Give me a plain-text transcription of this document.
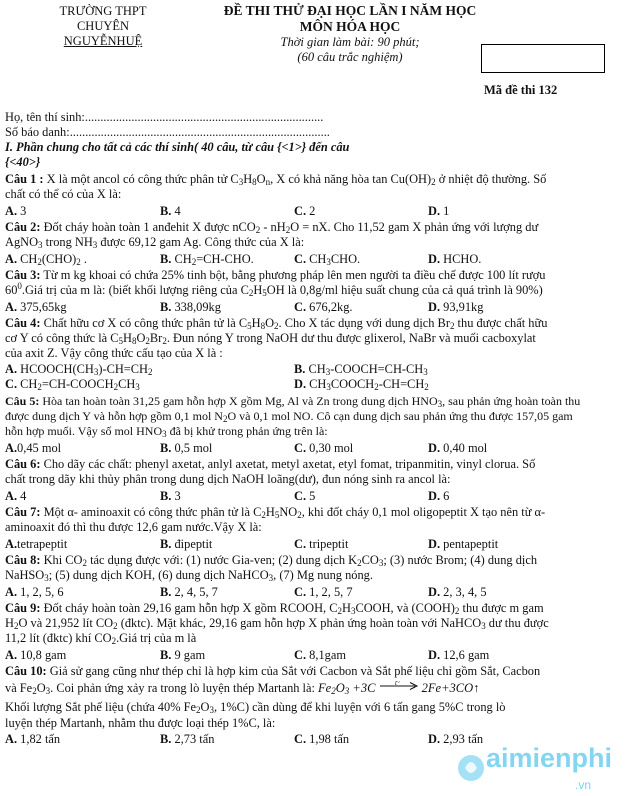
TRƯỜNG THPT
CHUYÊN
NGUYỄNHUỆ
ĐỀ THI THỬ ĐẠI HỌC LẦN I NĂM HỌC
MÔN HÓA HỌC
Thời gian làm bài: 90 phút;
(60 câu trắc nghiệm)
Mã đề thi 132
Họ, tên thí sinh:.............................................................................
Số báo danh:....................................................................................
I. Phần chung cho tất cả các thí sinh( 40 câu, từ câu {<1>} đến câu
{<40>}
Câu 1 : X là một ancol có công thức phân tử $C_3H_8O_n$, X có khả năng hòa $\tan Cu(OH)_2$ ở nhiệt độ thường. Số
chất có thể có của X là:
A. 3	B. 4	C. 2	D. 1
Câu 2: Đốt cháy hoàn toàn 1 anđehit X được $nCO_2 - nH_2O$ = nX. Cho 11,52 gam X phản ứng với lượng dư
AgNO$_3$ trong $NH_3$ được 69,12 gam Ag. Công thức của X là:
A. $CH_2(CHO)_2$ .	B. $CH_2=CH$-CHO.	C. $CH_3CHO$.	D. HCHO.
Câu 3: Từ m kg khoai có chứa 25% tinh bột, bằng phương pháp lên men người ta điều chế được 100 lít rượu
$60^0.Giá$ trị của m là: (biết khối lượng riêng của $C_2H_5OH$ là 0,8g/ml hiệu suất chung của cả quá trình là 90%)
A. 375,65kg	B. 338,09kg	C. 676,2kg.	D. 93,91kg
Câu 4: Chất hữu cơ X có công thức phân tử là $C_5H_8O_2$. Cho X tác dụng với dung dịch $Br_2$ thu được chất hữu
cơ Y có công thức là $C_5H_8O_2Br_2$. Đun nóng Y trong NaOH dư thu được glixerol, NaBr và muối cacboxylat
của axit Z. Vậy công thức cấu tạo của X là :
A. $HCOOCH(CH_3)-CH=CH_2$	B. $CH_3-COOCH=CH-CH_3$
C. $CH_2=CH-COOCH_2CH_3$	D. $CH_3COOCH_2-CH=CH_2$
Câu 5: Hòa tan hoàn toàn 31,25 gam hỗn hợp X gồm Mg, Al và Zn trong dung dịch $HNO_3$, sau phản ứng hoàn toàn thu
được dung dịch Y và hỗn hợp gồm 0,1 mol $N_2O$ và 0,1 mol NO. Cô cạn dung dịch sau phản ứng thu được 157,05 gam
hỗn hợp muối. Vậy số mol $HNO_3$ đã bị khử trong phản ứng trên là:
A.0,45 mol	B. 0,5 mol	C. 0,30 mol	D. 0,40 mol
Câu 6: Cho dãy các chất: phenyl axetat, anlyl axetat, metyl axetat, etyl fomat, tripanmitin, vinyl clorua. Số
chất trong dãy khi thủy phân trong dung dịch NaOH loãng(dư), đun nóng sinh ra ancol là:
A. 4	B. 3	C. 5	D. 6
Câu 7: Một α- aminoaxit có công thức phân tử là $C_2H_5NO_2$, khi đốt cháy 0,1 mol oligopeptit X tạo nên từ α-
aminoaxit đó thì thu được 12,6 gam nước.Vậy X là:
A.tetrapeptit	B. đipeptit	C. tripeptit	D. pentapeptit
Câu 8: Khi $CO_2$ tác dụng được với: (1) nước Gia-ven; (2) dung dịch $K_2CO_3$; (3) nước Brom; (4) dung dịch
NaHSO$_3$; (5) dung dịch KOH, (6) dung dịch NaHCO$_3$, (7) Mg nung nóng.
A. 1, 2, 5, 6	B. 2, 4, 5, 7	C. 1, 2, 5, 7	D. 2, 3, 4, 5
Câu 9: Đốt cháy hoàn toàn 29,16 gam hỗn hợp X gồm RCOOH, $C_2H_3COOH$, và $(COOH)_2$ thu được m gam
$H_2O$ và 21,952 lít $CO_2$ (đktc). Mặt khác, 29,16 gam hỗn hợp X phản ứng hoàn toàn với NaHCO$_3$ dư thu được
11,2 lít (đktc) khí $CO_2.Giá$ trị của m là
A. 10,8 gam	B. 9 gam	C. 8,1gam	D. 12,6 gam
Câu 10: Giả sử gang cũng như thép chỉ là hợp kim của Sắt với Cacbon và Sắt phế liệu chỉ gồm Sắt, Cacbon
và $Fe_2O_3$. Coi phản ứng xảy ra trong lò luyện thép Martanh là: $Fe_2O_3 +3C$ t° 2Fe+3CO↑
Khối lượng Sắt phế liệu (chứa 40% $Fe_2O_3$, 1%C) cần dùng để khi luyện với 6 tấn gang 5%C trong lò
luyện thép Martanh, nhằm thu được loại thép 1%C, là:
A. 1,82 tấn	B. 2,73 tấn	C. 1,98 tấn	D. 2,93 tấn
aimienphi
.vn
